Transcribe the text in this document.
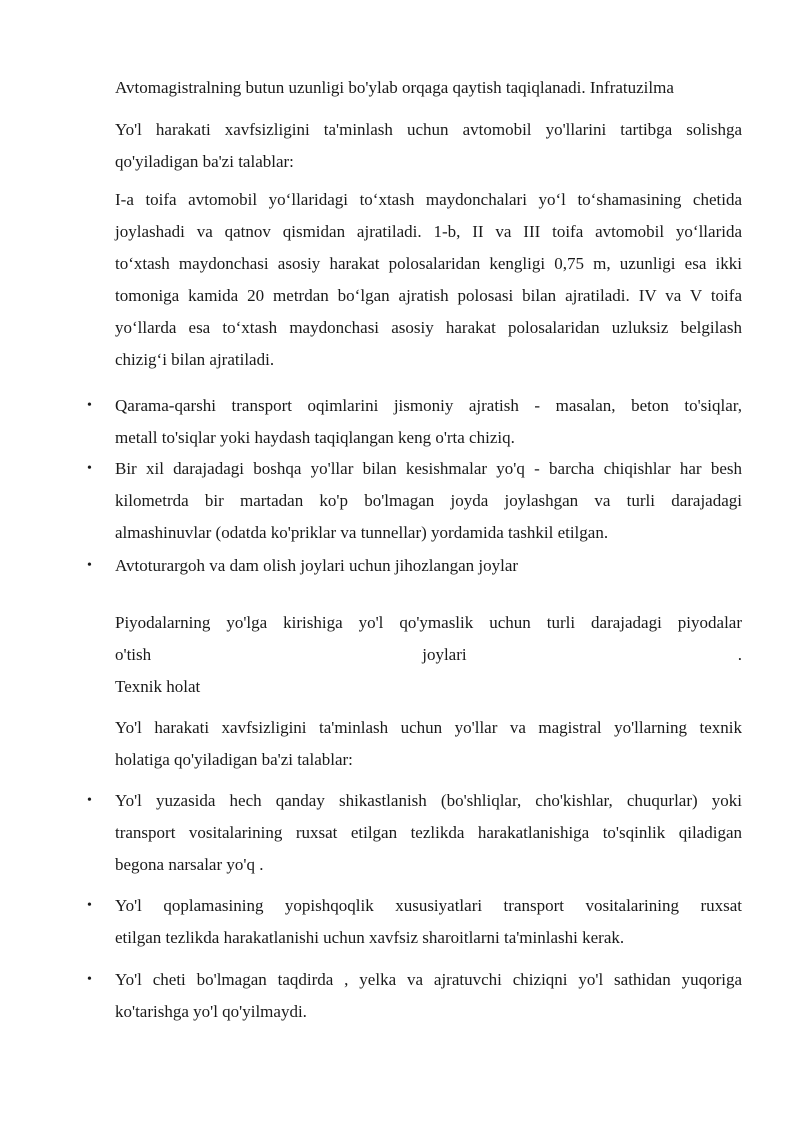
Avtomagistralning butun uzunligi bo'ylab orqaga qaytish taqiqlanadi. Infratuzilma

Yo'l harakati xavfsizligini ta'minlash uchun avtomobil yo'llarini tartibga solishga
qo'yiladigan ba'zi talablar:

I-a toifa avtomobil yo‘llaridagi to‘xtash maydonchalari yo‘l to‘shamasining chetida
joylashadi va qatnov qismidan ajratiladi. 1-b, II va III toifa avtomobil yo‘llarida
to‘xtash maydonchasi asosiy harakat polosalaridan kengligi 0,75 m, uzunligi esa ikki
tomoniga kamida 20 metrdan bo‘lgan ajratish polosasi bilan ajratiladi. IV va V toifa
yo‘llarda esa to‘xtash maydonchasi asosiy harakat polosalaridan uzluksiz belgilash
chizig‘i bilan ajratiladi.

• Qarama-qarshi transport oqimlarini jismoniy ajratish - masalan, beton to'siqlar,
metall to'siqlar yoki haydash taqiqlangan keng o'rta chiziq.

• Bir xil darajadagi boshqa yo'llar bilan kesishmalar yo'q - barcha chiqishlar har besh
kilometrda bir martadan ko'p bo'lmagan joyda joylashgan va turli darajadagi
almashinuvlar (odatda ko'priklar va tunnellar) yordamida tashkil etilgan.

• Avtoturargoh va dam olish joylari uchun jihozlangan joylar

Piyodalarning yo'lga kirishiga yo'l qo'ymaslik uchun turli darajadagi piyodalar
o'tish	joylari	.
Texnik holat

Yo'l harakati xavfsizligini ta'minlash uchun yo'llar va magistral yo'llarning texnik
holatiga qo'yiladigan ba'zi talablar:

• Yo'l yuzasida hech qanday shikastlanish (bo'shliqlar, cho'kishlar, chuqurlar) yoki
transport vositalarining ruxsat etilgan tezlikda harakatlanishiga to'sqinlik qiladigan
begona narsalar yo'q .

• Yo'l qoplamasining yopishqoqlik xususiyatlari transport vositalarining ruxsat
etilgan tezlikda harakatlanishi uchun xavfsiz sharoitlarni ta'minlashi kerak.

• Yo'l cheti bo'lmagan taqdirda , yelka va ajratuvchi chiziqni yo'l sathidan yuqoriga
ko'tarishga yo'l qo'yilmaydi.
